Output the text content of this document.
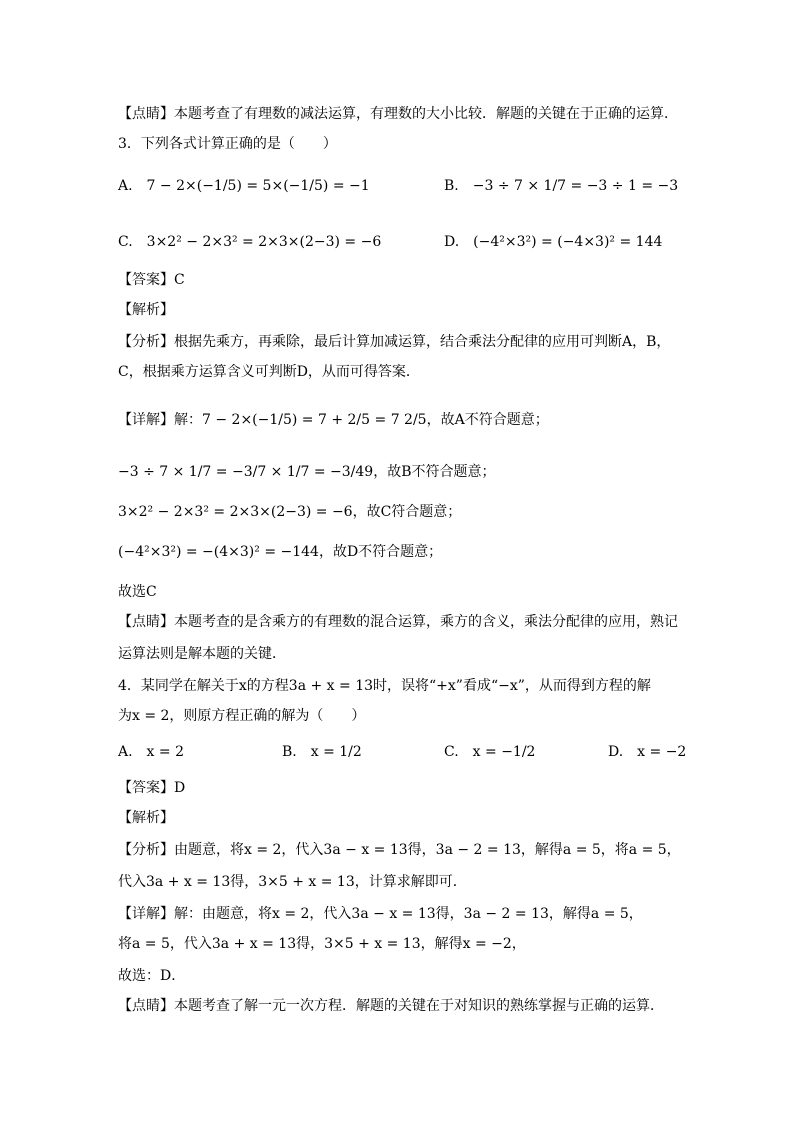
【点睛】本题考查了有理数的减法运算，有理数的大小比较．解题的关键在于正确的运算．
3．下列各式计算正确的是（　　）
A.　7 − 2×(−1/5) = 5×(−1/5) = −1	B.　−3 ÷ 7 × 1/7 = −3 ÷ 1 = −3
C.　3×2² − 2×3² = 2×3×(2−3) = −6	D.　(−4²×3²) = (−4×3)² = 144
【答案】C
【解析】
【分析】根据先乘方，再乘除，最后计算加减运算，结合乘法分配律的应用可判断A，B，
C，根据乘方运算含义可判断D，从而可得答案．
【详解】解：7 − 2×(−1/5) = 7 + 2/5 = 7 2/5，故A不符合题意；
−3 ÷ 7 × 1/7 = −3/7 × 1/7 = −3/49，故B不符合题意；
3×2² − 2×3² = 2×3×(2−3) = −6，故C符合题意；
(−4²×3²) = −(4×3)² = −144，故D不符合题意；
故选C
【点睛】本题考查的是含乘方的有理数的混合运算，乘方的含义，乘法分配律的应用，熟记
运算法则是解本题的关键．
4．某同学在解关于x的方程3a + x = 13时，误将“+x”看成“−x”，从而得到方程的解
为x = 2，则原方程正确的解为（　　）
A.　x = 2	B.　x = 1/2	C.　x = −1/2	D.　x = −2
【答案】D
【解析】
【分析】由题意，将x = 2，代入3a − x = 13得，3a − 2 = 13，解得a = 5，将a = 5，
代入3a + x = 13得，3×5 + x = 13，计算求解即可．
【详解】解：由题意，将x = 2，代入3a − x = 13得，3a − 2 = 13，解得a = 5，
将a = 5，代入3a + x = 13得，3×5 + x = 13，解得x = −2，
故选：D．
【点睛】本题考查了解一元一次方程．解题的关键在于对知识的熟练掌握与正确的运算．
